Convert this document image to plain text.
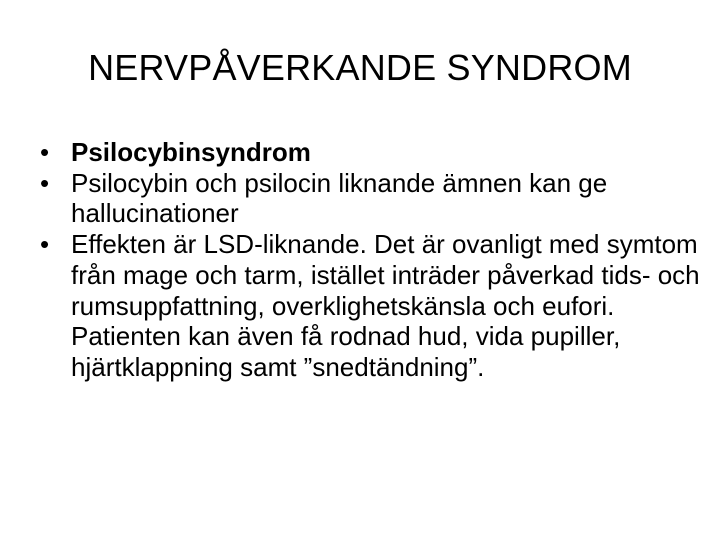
NERVPÅVERKANDE SYNDROM
• Psilocybinsyndrom
• Psilocybin och psilocin liknande ämnen kan ge hallucinationer
• Effekten är LSD-liknande. Det är ovanligt med symtom från mage och tarm, istället inträder påverkad tids- och rumsuppfattning, overklighetskänsla och eufori. Patienten kan även få rodnad hud, vida pupiller, hjärtklappning samt ”snedtändning”.
